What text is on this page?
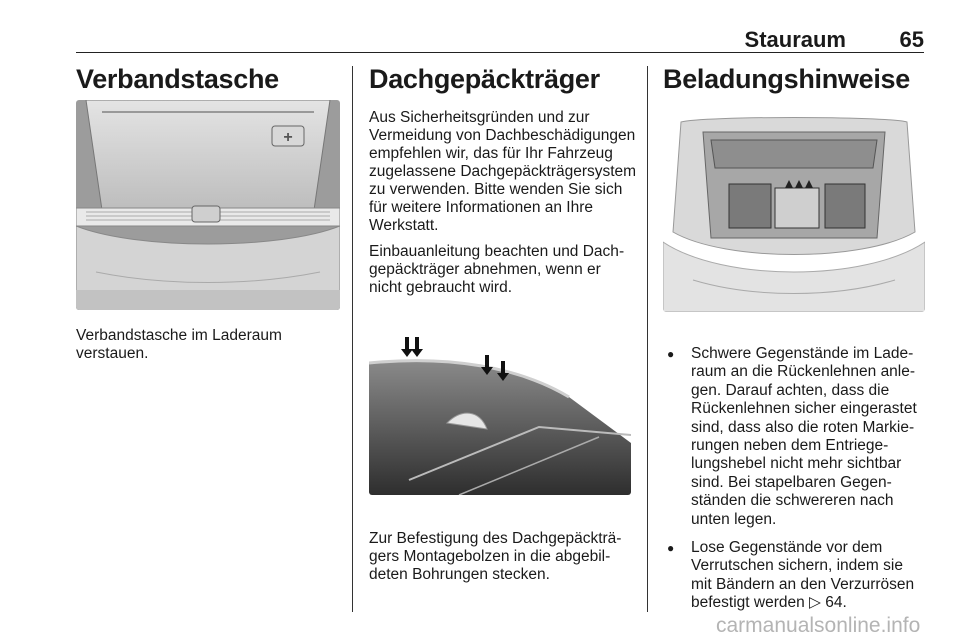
Stauraum 65
Verbandstasche
+

Verbandstasche im Laderaum verstauen.

Dachgepäckträger

Aus Sicherheitsgründen und zur Vermeidung von Dachbeschädigungen empfehlen wir, das für Ihr Fahrzeug zugelassene Dachgepäckträgersystem zu verwenden. Bitte wenden Sie sich für weitere Informationen an Ihre Werkstatt.

Einbauanleitung beachten und Dachgepäckträger abnehmen, wenn er nicht gebraucht wird.

Zur Befestigung des Dachgepäckträgers Montagebolzen in die abgebildeten Bohrungen stecken.

Beladungshinweise
● Schwere Gegenstände im Laderaum an die Rückenlehnen anlegen. Darauf achten, dass die Rückenlehnen sicher eingerastet sind, dass also die roten Markierungen neben dem Entriegelungshebel nicht mehr sichtbar sind. Bei stapelbaren Gegenständen die schwereren nach unten legen.
● Lose Gegenstände vor dem Verrutschen sichern, indem sie mit Bändern an den Verzurrösen befestigt werden ▷ 64.
carmanualsonline.info
